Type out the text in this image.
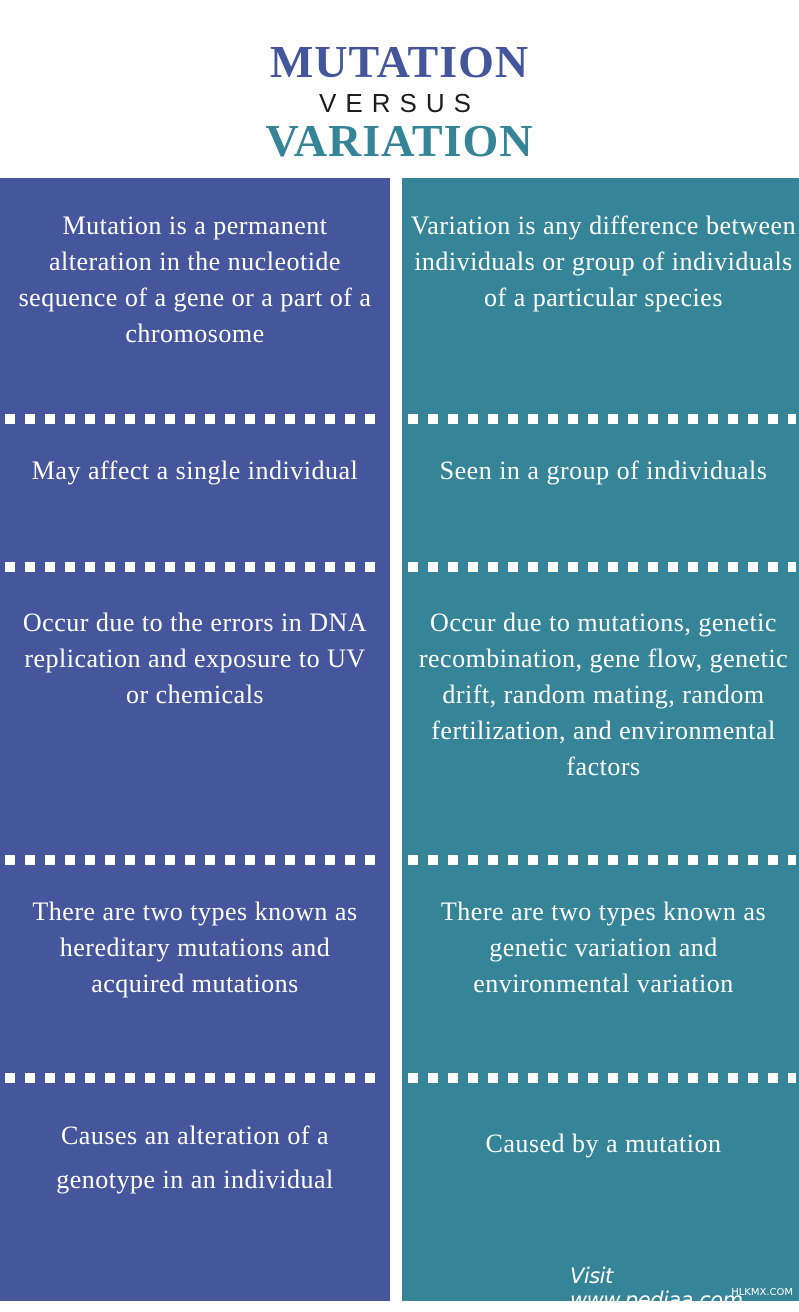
MUTATION
VERSUS
VARIATION
Mutation is a permanent alteration in the nucleotide sequence of a gene or a part of a chromosome
May affect a single individual
Occur due to the errors in DNA replication and exposure to UV or chemicals
There are two types known as hereditary mutations and acquired mutations
Causes an alteration of a genotype in an individual
Variation is any difference between individuals or group of individuals of a particular species
Seen in a group of individuals
Occur due to mutations, genetic recombination, gene flow, genetic drift, random mating, random fertilization, and environmental factors
There are two types known as genetic variation and environmental variation
Caused by a mutation
Visit www.pediaa.com
HLKMX.COM
